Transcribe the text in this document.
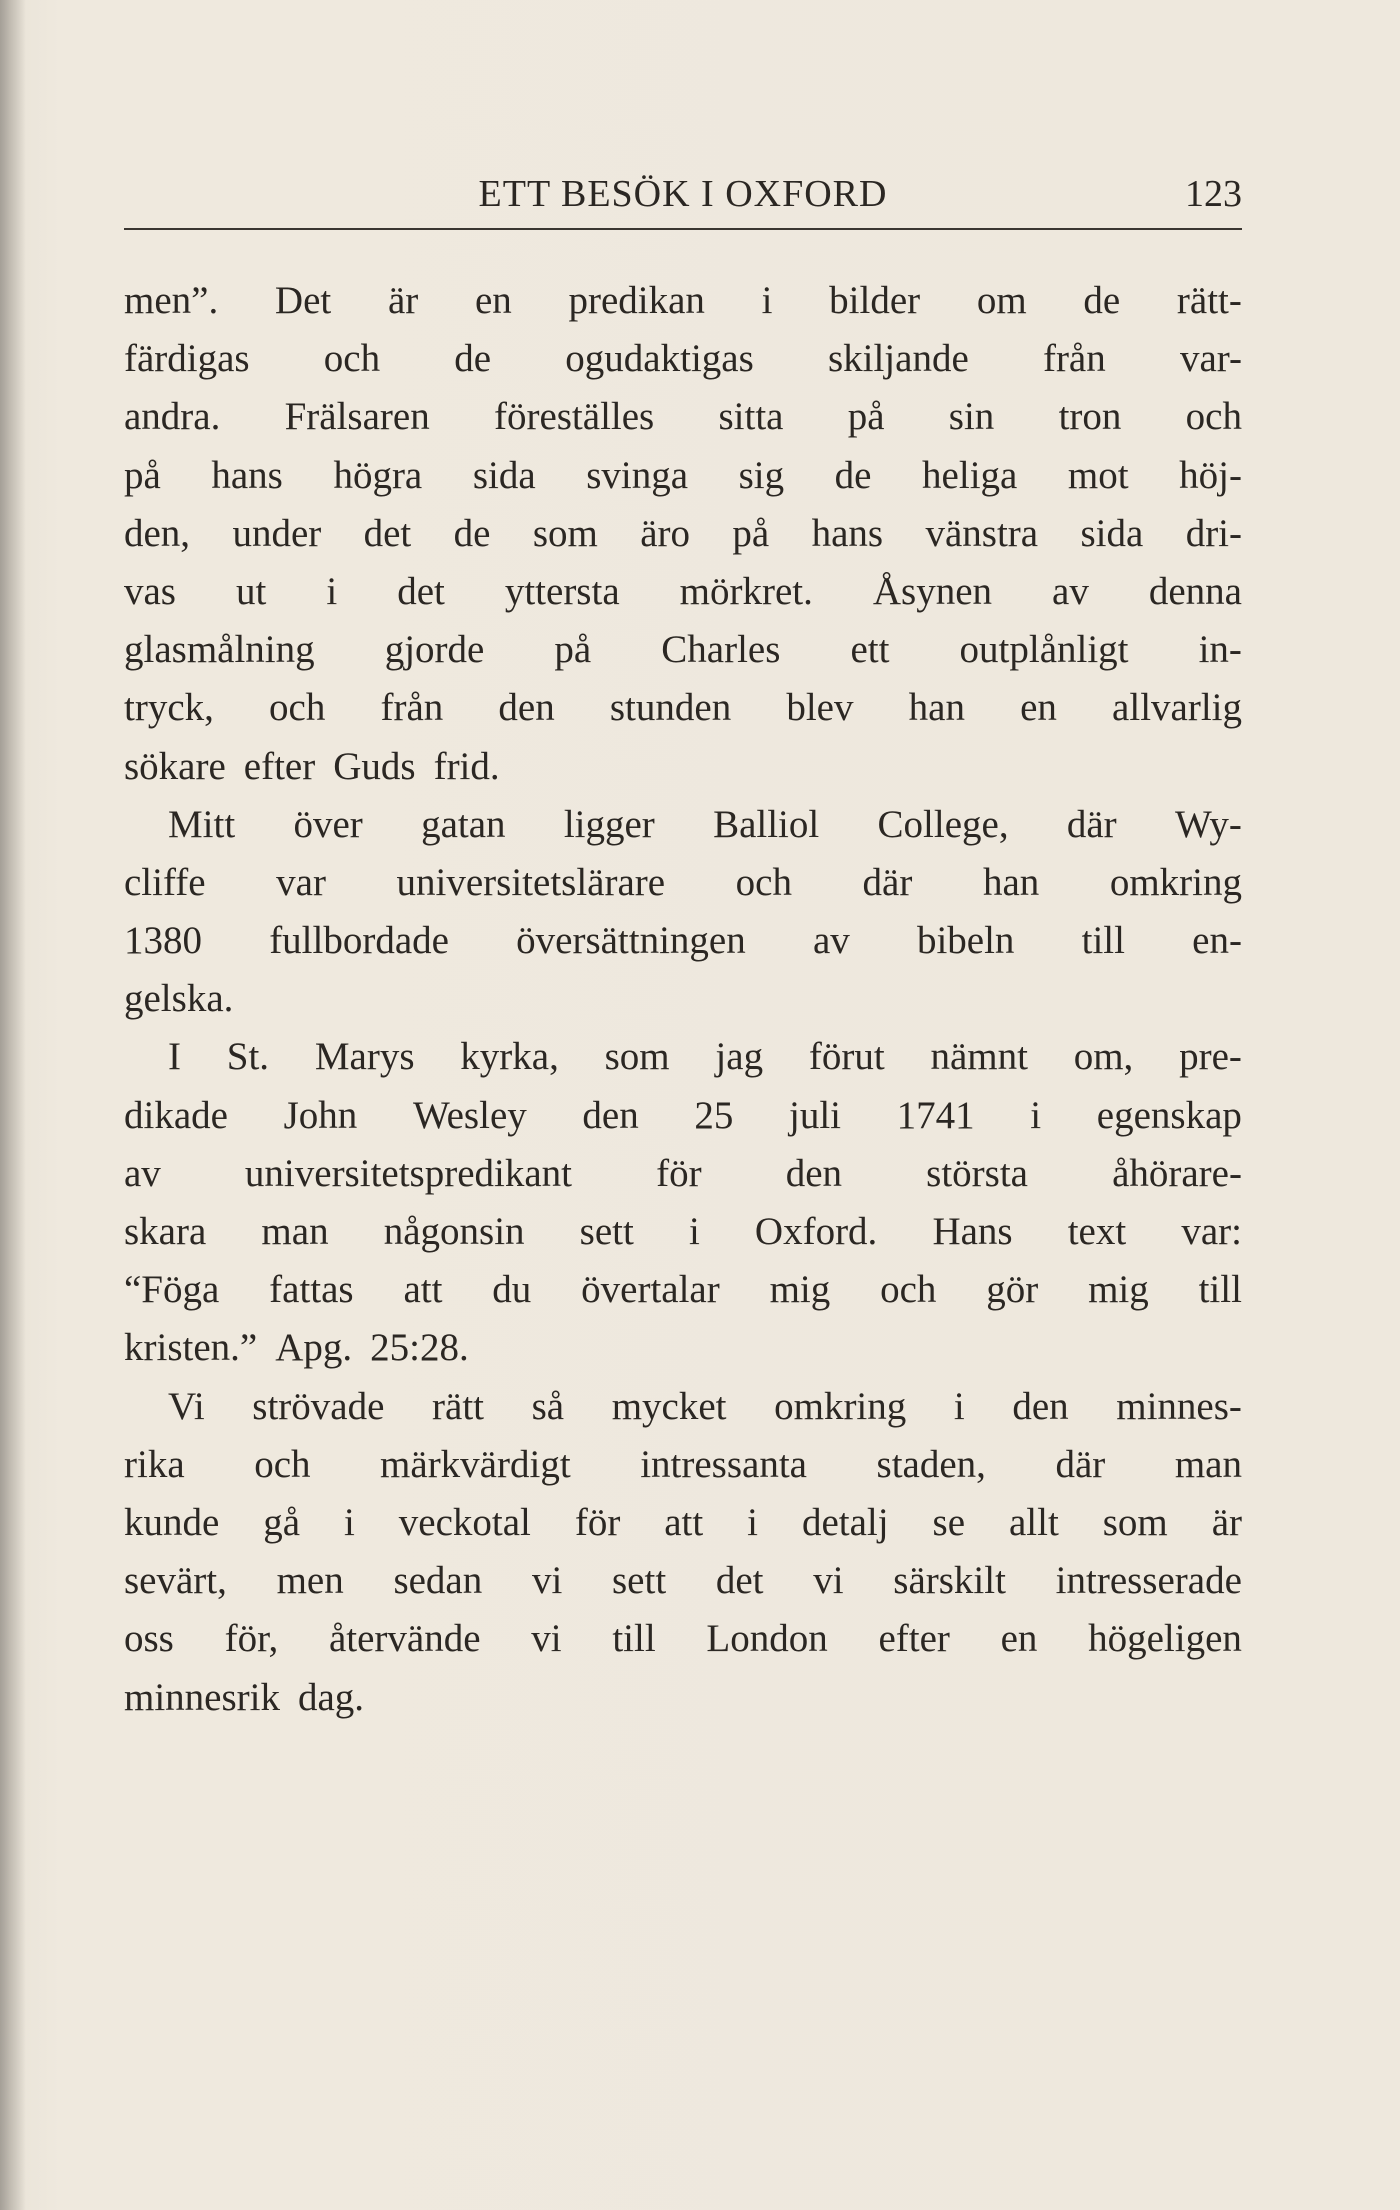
ETT BESÖK I OXFORD	123
men”. Det är en predikan i bilder om de rätt-
färdigas och de ogudaktigas skiljande från var-
andra. Frälsaren föreställes sitta på sin tron och
på hans högra sida svinga sig de heliga mot höj-
den, under det de som äro på hans vänstra sida dri-
vas ut i det yttersta mörkret. Åsynen av denna
glasmålning gjorde på Charles ett outplånligt in-
tryck, och från den stunden blev han en allvarlig
sökare efter Guds frid.
Mitt över gatan ligger Balliol College, där Wy-
cliffe var universitetslärare och där han omkring
1380 fullbordade översättningen av bibeln till en-
gelska.
I St. Marys kyrka, som jag förut nämnt om, pre-
dikade John Wesley den 25 juli 1741 i egenskap
av universitetspredikant för den största åhörare-
skara man någonsin sett i Oxford. Hans text var:
“Föga fattas att du övertalar mig och gör mig till
kristen.” Apg. 25:28.
Vi strövade rätt så mycket omkring i den minnes-
rika och märkvärdigt intressanta staden, där man
kunde gå i veckotal för att i detalj se allt som är
sevärt, men sedan vi sett det vi särskilt intresserade
oss för, återvände vi till London efter en högeligen
minnesrik dag.
